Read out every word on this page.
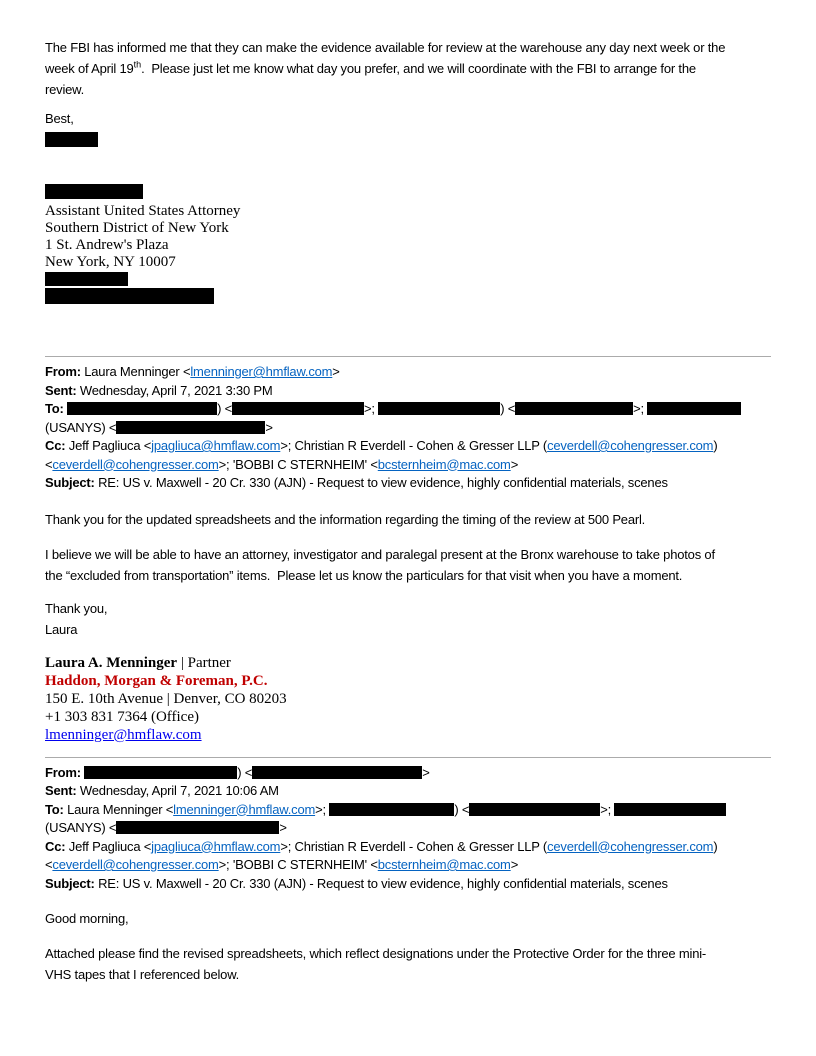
The FBI has informed me that they can make the evidence available for review at the warehouse any day next week or the
week of April 19th.  Please just let me know what day you prefer, and we will coordinate with the FBI to arrange for the
review.
Best,
Assistant United States Attorney
Southern District of New York
1 St. Andrew's Plaza
New York, NY 10007
From: Laura Menninger <lmenninger@hmflaw.com>
Sent: Wednesday, April 7, 2021 3:30 PM
To:	) <	>;	) <	>;
(USANYS) <	>
Cc: Jeff Pagliuca <jpagliuca@hmflaw.com>; Christian R Everdell - Cohen & Gresser LLP (ceverdell@cohengresser.com)
<ceverdell@cohengresser.com>; 'BOBBI C STERNHEIM' <bcsternheim@mac.com>
Subject: RE: US v. Maxwell - 20 Cr. 330 (AJN) - Request to view evidence, highly confidential materials, scenes
Thank you for the updated spreadsheets and the information regarding the timing of the review at 500 Pearl.
I believe we will be able to have an attorney, investigator and paralegal present at the Bronx warehouse to take photos of
the “excluded from transportation” items.  Please let us know the particulars for that visit when you have a moment.
Thank you,
Laura
Laura A. Menninger | Partner
Haddon, Morgan & Foreman, P.C.
150 E. 10th Avenue | Denver, CO 80203
+1 303 831 7364 (Office)
lmenninger@hmflaw.com
From:	) <	>
Sent: Wednesday, April 7, 2021 10:06 AM
To: Laura Menninger <lmenninger@hmflaw.com>;	) <	>;
(USANYS) <	>
Cc: Jeff Pagliuca <jpagliuca@hmflaw.com>; Christian R Everdell - Cohen & Gresser LLP (ceverdell@cohengresser.com)
<ceverdell@cohengresser.com>; 'BOBBI C STERNHEIM' <bcsternheim@mac.com>
Subject: RE: US v. Maxwell - 20 Cr. 330 (AJN) - Request to view evidence, highly confidential materials, scenes
Good morning,
Attached please find the revised spreadsheets, which reflect designations under the Protective Order for the three mini-
VHS tapes that I referenced below.
